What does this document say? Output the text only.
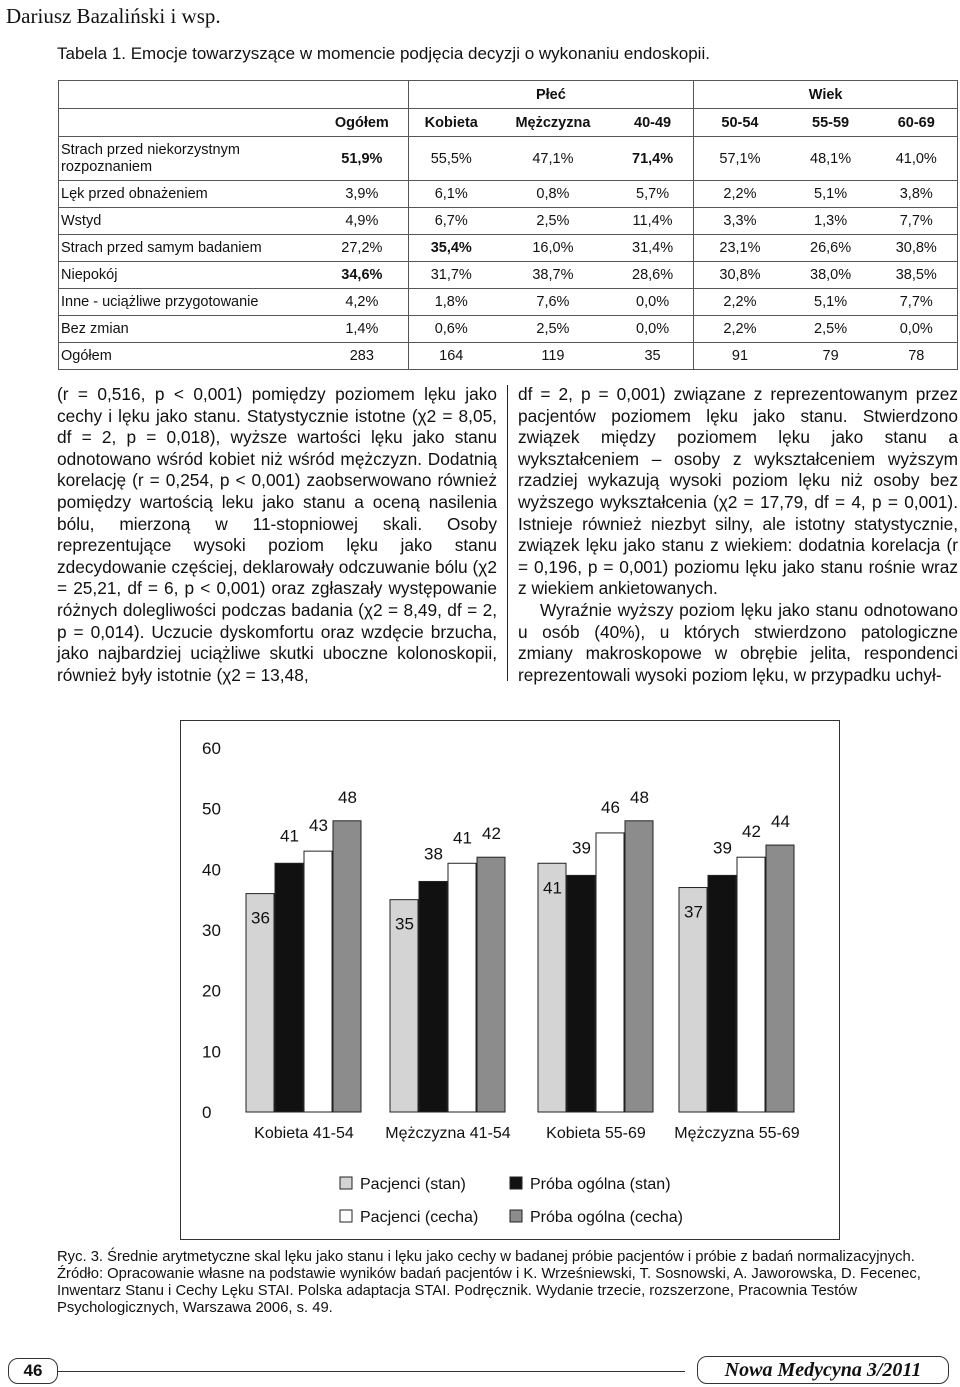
Dariusz Bazaliński i wsp.
Tabela 1. Emocje towarzyszące w momencie podjęcia decyzji o wykonaniu endoskopii.
		Płeć			Wiek		
	Ogółem	Kobieta	Mężczyzna	40-49	50-54	55-59	60-69
Strach przed niekorzystnym rozpoznaniem	51,9%	55,5%	47,1%	71,4%	57,1%	48,1%	41,0%
Lęk przed obnażeniem	3,9%	6,1%	0,8%	5,7%	2,2%	5,1%	3,8%
Wstyd	4,9%	6,7%	2,5%	11,4%	3,3%	1,3%	7,7%
Strach przed samym badaniem	27,2%	35,4%	16,0%	31,4%	23,1%	26,6%	30,8%
Niepokój	34,6%	31,7%	38,7%	28,6%	30,8%	38,0%	38,5%
Inne - uciążliwe przygotowanie	4,2%	1,8%	7,6%	0,0%	2,2%	5,1%	7,7%
Bez zmian	1,4%	0,6%	2,5%	0,0%	2,2%	2,5%	0,0%
Ogółem	283	164	119	35	91	79	78

(r = 0,516, p < 0,001) pomiędzy poziomem lęku jako cechy i lęku jako stanu. Statystycznie istotne (χ2 = 8,05, df = 2, p = 0,018), wyższe wartości lęku jako stanu odnotowano wśród kobiet niż wśród mężczyzn. Dodatnią korelację (r = 0,254, p < 0,001) zaobserwowano również pomiędzy wartością leku jako stanu a oceną nasilenia bólu, mierzoną w 11-stopniowej skali. Osoby reprezentujące wysoki poziom lęku jako stanu zdecydowanie częściej, deklarowały odczuwanie bólu (χ2 = 25,21, df = 6, p < 0,001) oraz zgłaszały występowanie różnych dolegliwości podczas badania (χ2 = 8,49, df = 2, p = 0,014). Uczucie dyskomfortu oraz wzdęcie brzucha, jako najbardziej uciążliwe skutki uboczne kolonoskopii, również były istotnie (χ2 = 13,48,

df = 2, p = 0,001) związane z reprezentowanym przez pacjentów poziomem lęku jako stanu. Stwierdzono związek między poziomem lęku jako stanu a wykształceniem – osoby z wykształceniem wyższym rzadziej wykazują wysoki poziom lęku niż osoby bez wyższego wykształcenia (χ2 = 17,79, df = 4, p = 0,001). Istnieje również niezbyt silny, ale istotny statystycznie, związek lęku jako stanu z wiekiem: dodatnia korelacja (r = 0,196, p = 0,001) poziomu lęku jako stanu rośnie wraz z wiekiem ankietowanych.

Wyraźnie wyższy poziom lęku jako stanu odnotowano u osób (40%), u których stwierdzono patologiczne zmiany makroskopowe w obrębie jelita, respondenci reprezentowali wysoki poziom lęku, w przypadku uchył-

0
10
20
30
40
50
60
36
41
43
48
Kobieta 41-54
35
38
41 42
Mężczyzna 41-54
41
39
46
48
Kobieta 55-69
37
39
42
44
Mężczyzna 55-69
Pacjenci (stan)	Próba ogólna (stan)
Pacjenci (cecha)	Próba ogólna (cecha)

Ryc. 3. Średnie arytmetyczne skal lęku jako stanu i lęku jako cechy w badanej próbie pacjentów i próbie z badań normalizacyjnych.

Źródło: Opracowanie własne na podstawie wyników badań pacjentów i K. Wrześniewski, T. Sosnowski, A. Jaworowska, D. Fecenec, Inwentarz Stanu i Cechy Lęku STAI. Polska adaptacja STAI. Podręcznik. Wydanie trzecie, rozszerzone, Pracownia Testów Psychologicznych, Warszawa 2006, s. 49.

46	Nowa Medycyna 3/2011
